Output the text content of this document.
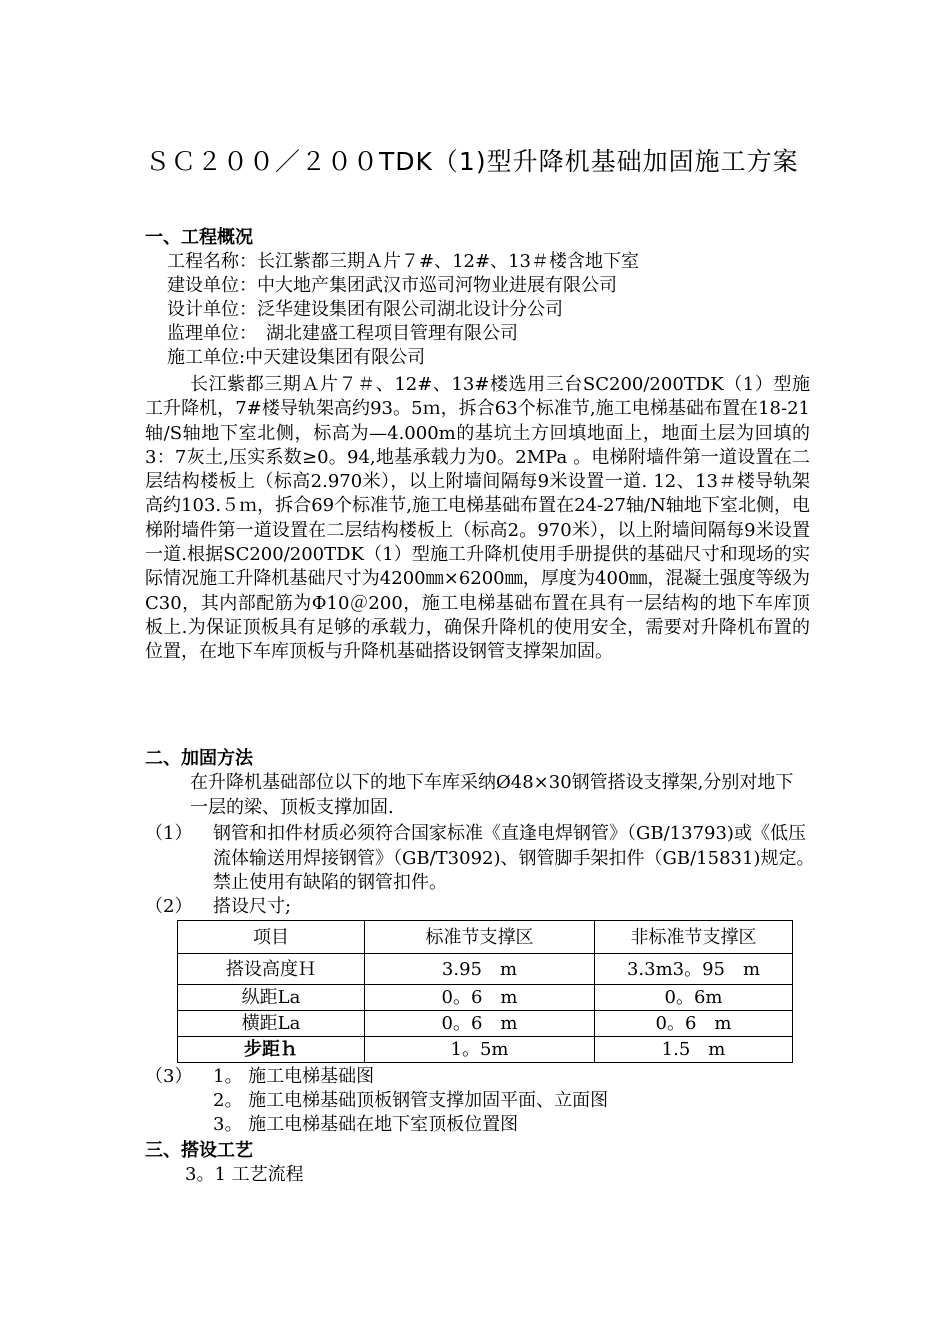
ＳＣ２００／２００TDK（1)型升降机基础加固施工方案
一、工程概况
工程名称：长江紫都三期Ａ片７#、12#、13＃楼含地下室
建设单位：中大地产集团武汉市巡司河物业进展有限公司
设计单位：泛华建设集团有限公司湖北设计分公司
监理单位：　湖北建盛工程项目管理有限公司
施工单位:中天建设集团有限公司
长江紫都三期Ａ片７＃、12#、13#楼选用三台SC200/200TDK（1）型施工升降机，7#楼导轨架高约93。5ｍ，拆合63个标准节,施工电梯基础布置在18-21轴/S轴地下室北侧，标高为—4.000m的基坑土方回填地面上，地面土层为回填的3：7灰土,压实系数≥0。94,地基承载力为0。2MPa 。电梯附墙件第一道设置在二层结构楼板上（标高2.970米），以上附墙间隔每9米设置一道. 12、13＃楼导轨架高约103.５ｍ，拆合69个标准节,施工电梯基础布置在24-27轴/N轴地下室北侧，电梯附墙件第一道设置在二层结构楼板上（标高2。970米），以上附墙间隔每9米设置一道.根据SC200/200TDK（1）型施工升降机使用手册提供的基础尺寸和现场的实际情况施工升降机基础尺寸为4200㎜×6200㎜，厚度为400㎜，混凝土强度等级为C30，其内部配筋为Φ10＠200，施工电梯基础布置在具有一层结构的地下车库顶板上.为保证顶板具有足够的承载力，确保升降机的使用安全，需要对升降机布置的位置，在地下车库顶板与升降机基础搭设钢管支撑架加固。
二、加固方法
在升降机基础部位以下的地下车库采纳Ø48×30钢管搭设支撑架,分别对地下一层的梁、顶板支撑加固.
（1） 钢管和扣件材质必须符合国家标准《直逢电焊钢管》（GB/13793)或《低压流体输送用焊接钢管》（GB/T3092)、钢管脚手架扣件（GB/15831)规定。禁止使用有缺陷的钢管扣件。
（2） 搭设尺寸;
项目	标准节支撑区	非标准节支撑区
搭设高度Ｈ	3.95　m	3.3m3。95　m
纵距La	0。6　m	0。6m
横距La	0。6　m	0。6　m
步距ｈ	1。5m	1.5　m
（3） 1。 施工电梯基础图
2。 施工电梯基础顶板钢管支撑加固平面、立面图
3。 施工电梯基础在地下室顶板位置图
三、搭设工艺
3。1 工艺流程
